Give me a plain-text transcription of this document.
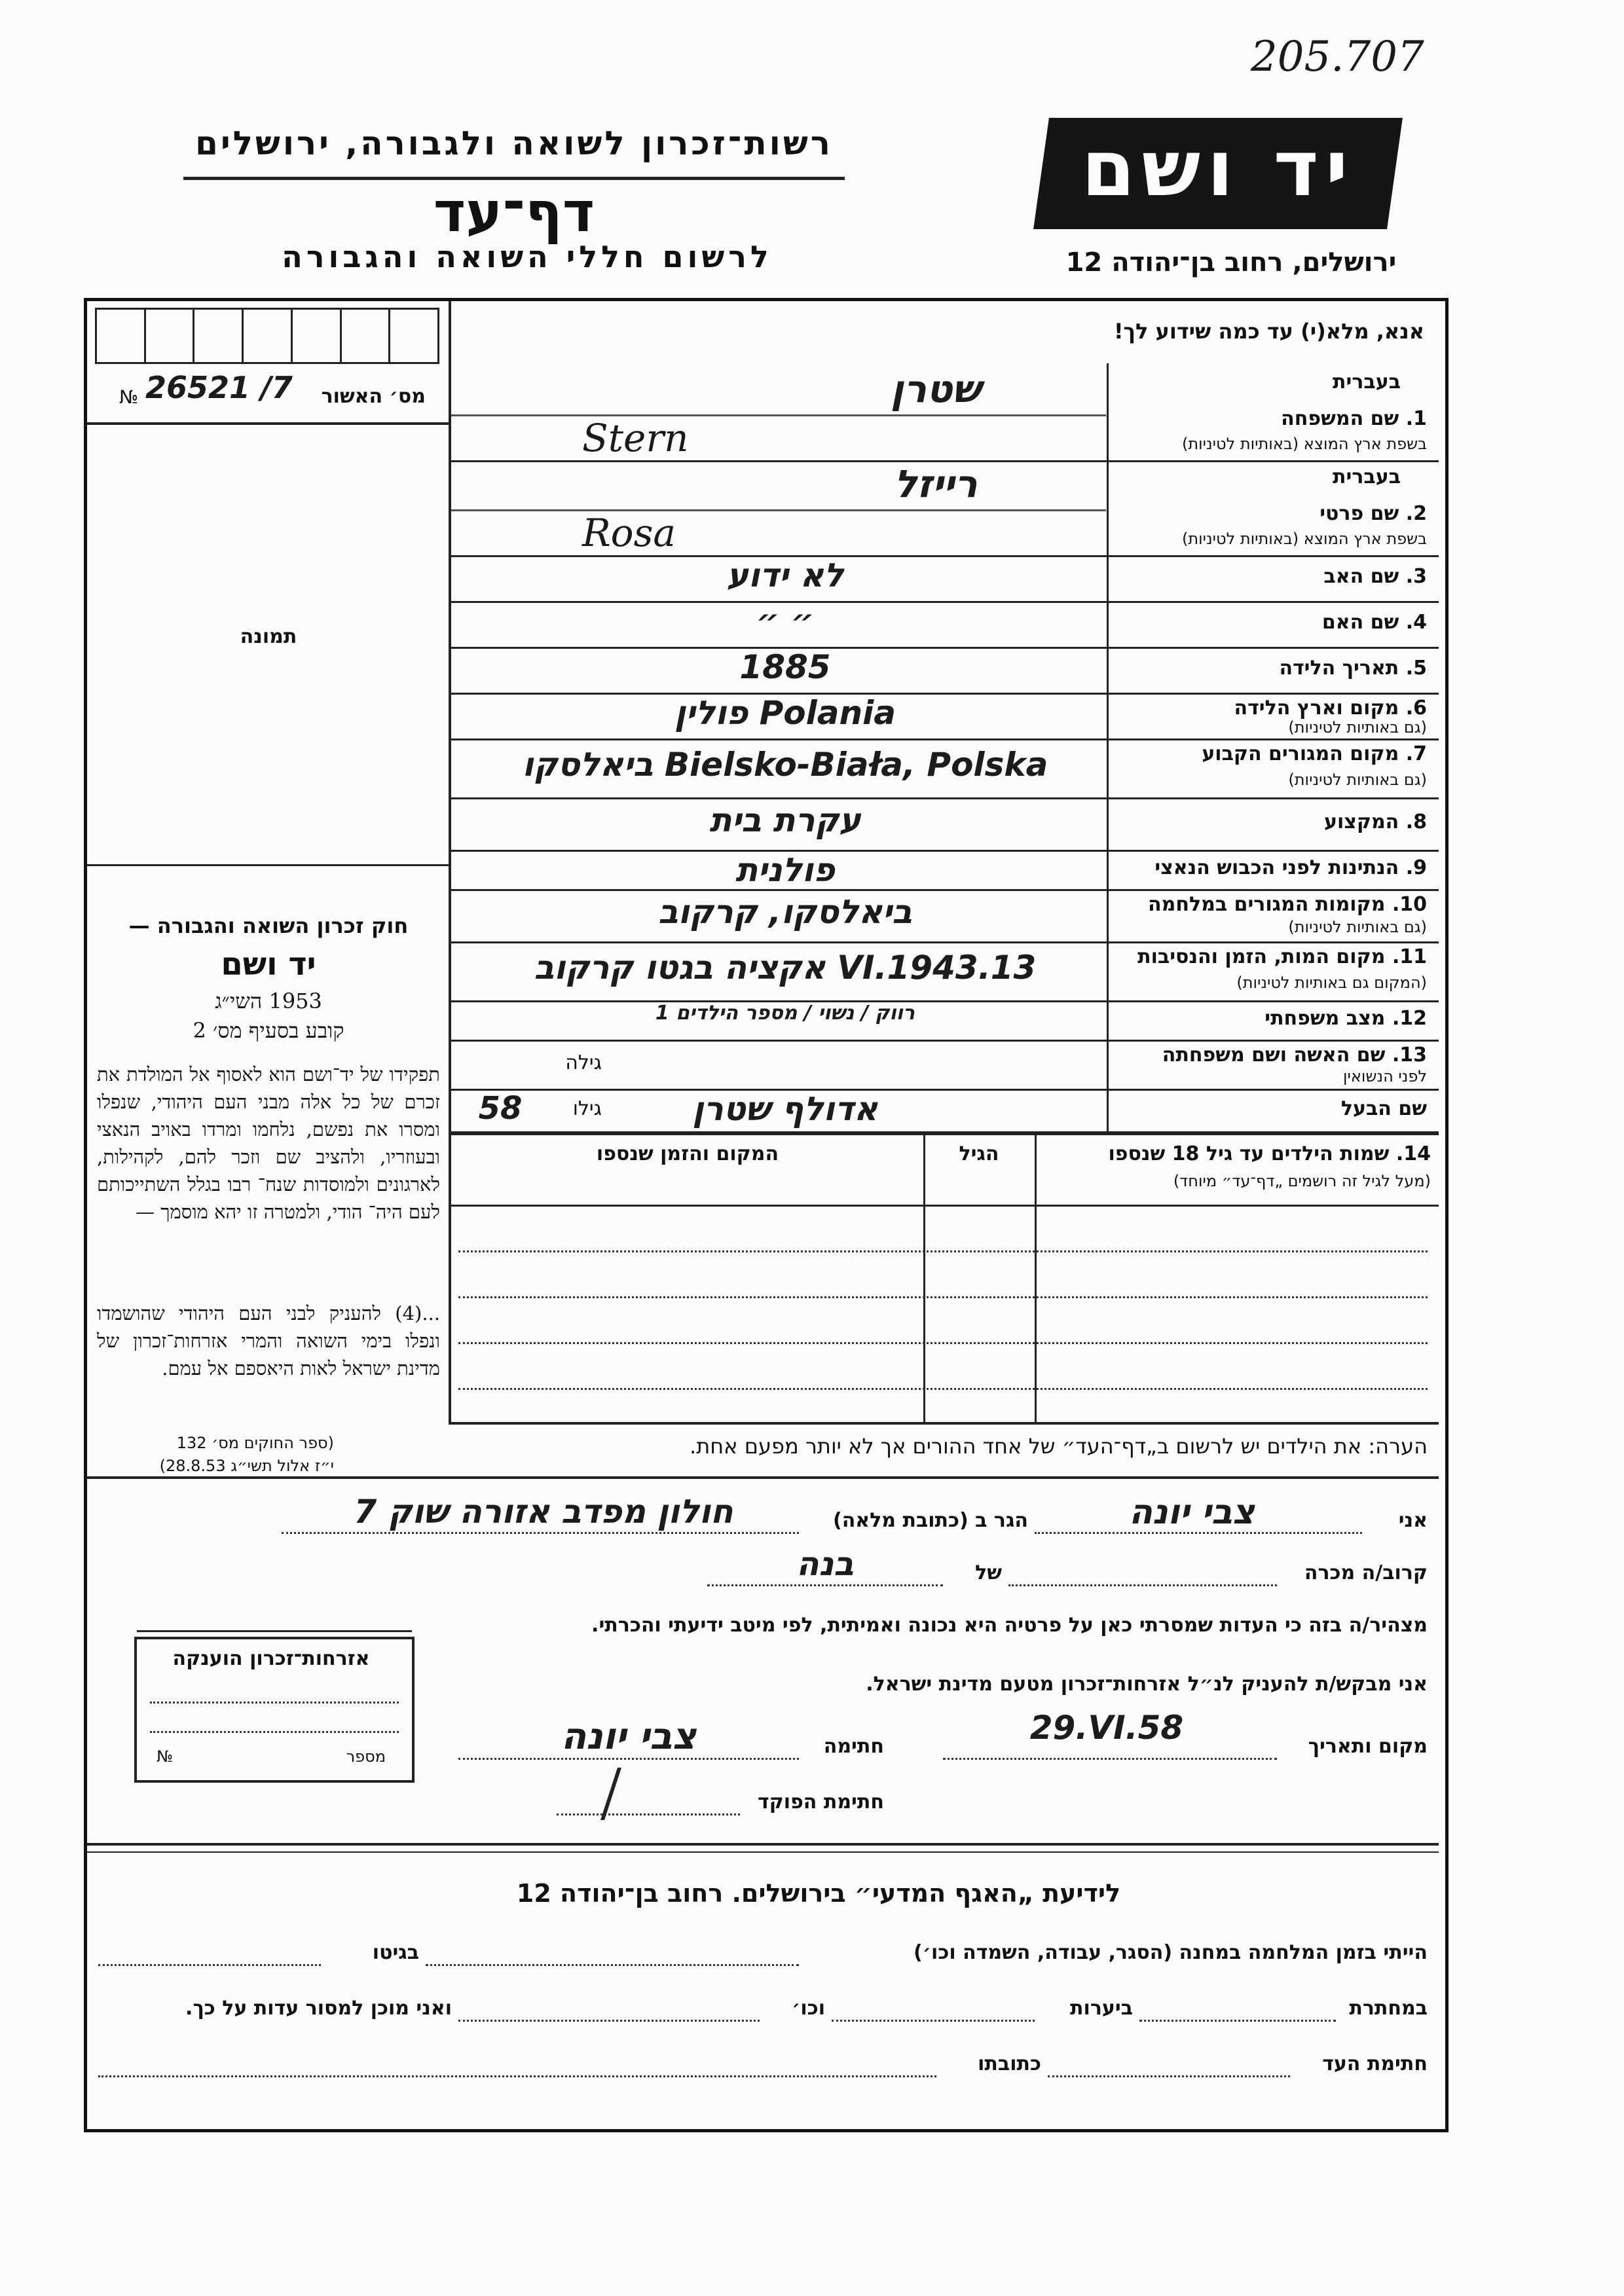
205.707
רשות־זכרון לשואה ולגבורה, ירושלים
דף־עד
לרשום חללי השואה והגבורה
יד ושם
ירושלים, רחוב בן־יהודה 12
אנא, מלא(י) עד כמה שידוע לך!
№ 26521 /7	מס׳ האשור
תמונה
חוק זכרון השואה והגבורה —
יד ושם
1953 השי״ג
קובע בסעיף מס׳ 2
תפקידו של יד־ושם הוא לאסוף אל המולדת את זכרם של כל אלה מבני העם היהודי, שנפלו ומסרו את נפשם, נלחמו ומרדו באויב הנאצי ובעוזריו, ולהציב שם וזכר להם, לקהילות, לארגונים ולמוסדות שנח־ רבו בגלל השתייכותם לעם היה־ הודי, ולמטרה זו יהא מוסמך —
...(4) להעניק לבני העם היהודי שהושמדו ונפלו בימי השואה והמרי אזרחות־זכרון של מדינת ישראל לאות היאספם אל עמם.
(ספר החוקים מס׳ 132
י״ז אלול תשי״ג 28.8.53)
1. שם המשפחה
בעברית
בשפת ארץ המוצא (באותיות לטיניות)
שטרן
Stern
2. שם פרטי
בעברית
בשפת ארץ המוצא (באותיות לטיניות)
רייזל
Rosa
3. שם האב
לא ידוע
4. שם האם
״ ״
5. תאריך הלידה
1885
6. מקום וארץ הלידה
(גם באותיות לטיניות)
Polania פולין
7. מקום המגורים הקבוע
(גם באותיות לטיניות)
Bielsko-Biała, Polska ביאלסקו
8. המקצוע
עקרת בית
9. הנתינות לפני הכבוש הנאצי
פולנית
10. מקומות המגורים במלחמה
(גם באותיות לטיניות)
ביאלסקו, קרקוב
11. מקום המות, הזמן והנסיבות
(המקום גם באותיות לטיניות)
13.VI.1943 אקציה בגטו קרקוב
12. מצב משפחתי
רווק / נשוי / מספר הילדים 1
13. שם האשה ושם משפחתה
לפני הנשואין
גילה
שם הבעל
אדולף שטרן
גילו
58
14. שמות הילדים עד גיל 18 שנספו
(מעל לגיל זה רושמים „דף־עד״ מיוחד)
הגיל
המקום והזמן שנספו
הערה: את הילדים יש לרשום ב„דף־העד״ של אחד ההורים אך לא יותר מפעם אחת.
אני
צבי יונה
הגר ב (כתובת מלאה)
חולון מפדב אזורה שוק 7
קרוב/ה מכרה
של
בנה
מצהיר/ה בזה כי העדות שמסרתי כאן על פרטיה היא נכונה ואמיתית, לפי מיטב ידיעתי והכרתי.
אני מבקש/ת להעניק לנ״ל אזרחות־זכרון מטעם מדינת ישראל.
מקום ותאריך
29.VI.58
חתימה
צבי יונה
חתימת הפוקד
אזרחות־זכרון הוענקה
מספר
№
לידיעת „האגף המדעי״ בירושלים. רחוב בן־יהודה 12
הייתי בזמן המלחמה במחנה (הסגר, עבודה, השמדה וכו׳)
בגיטו
במחתרת
ביערות
וכו׳
ואני מוכן למסור עדות על כך.
חתימת העד
כתובתו
